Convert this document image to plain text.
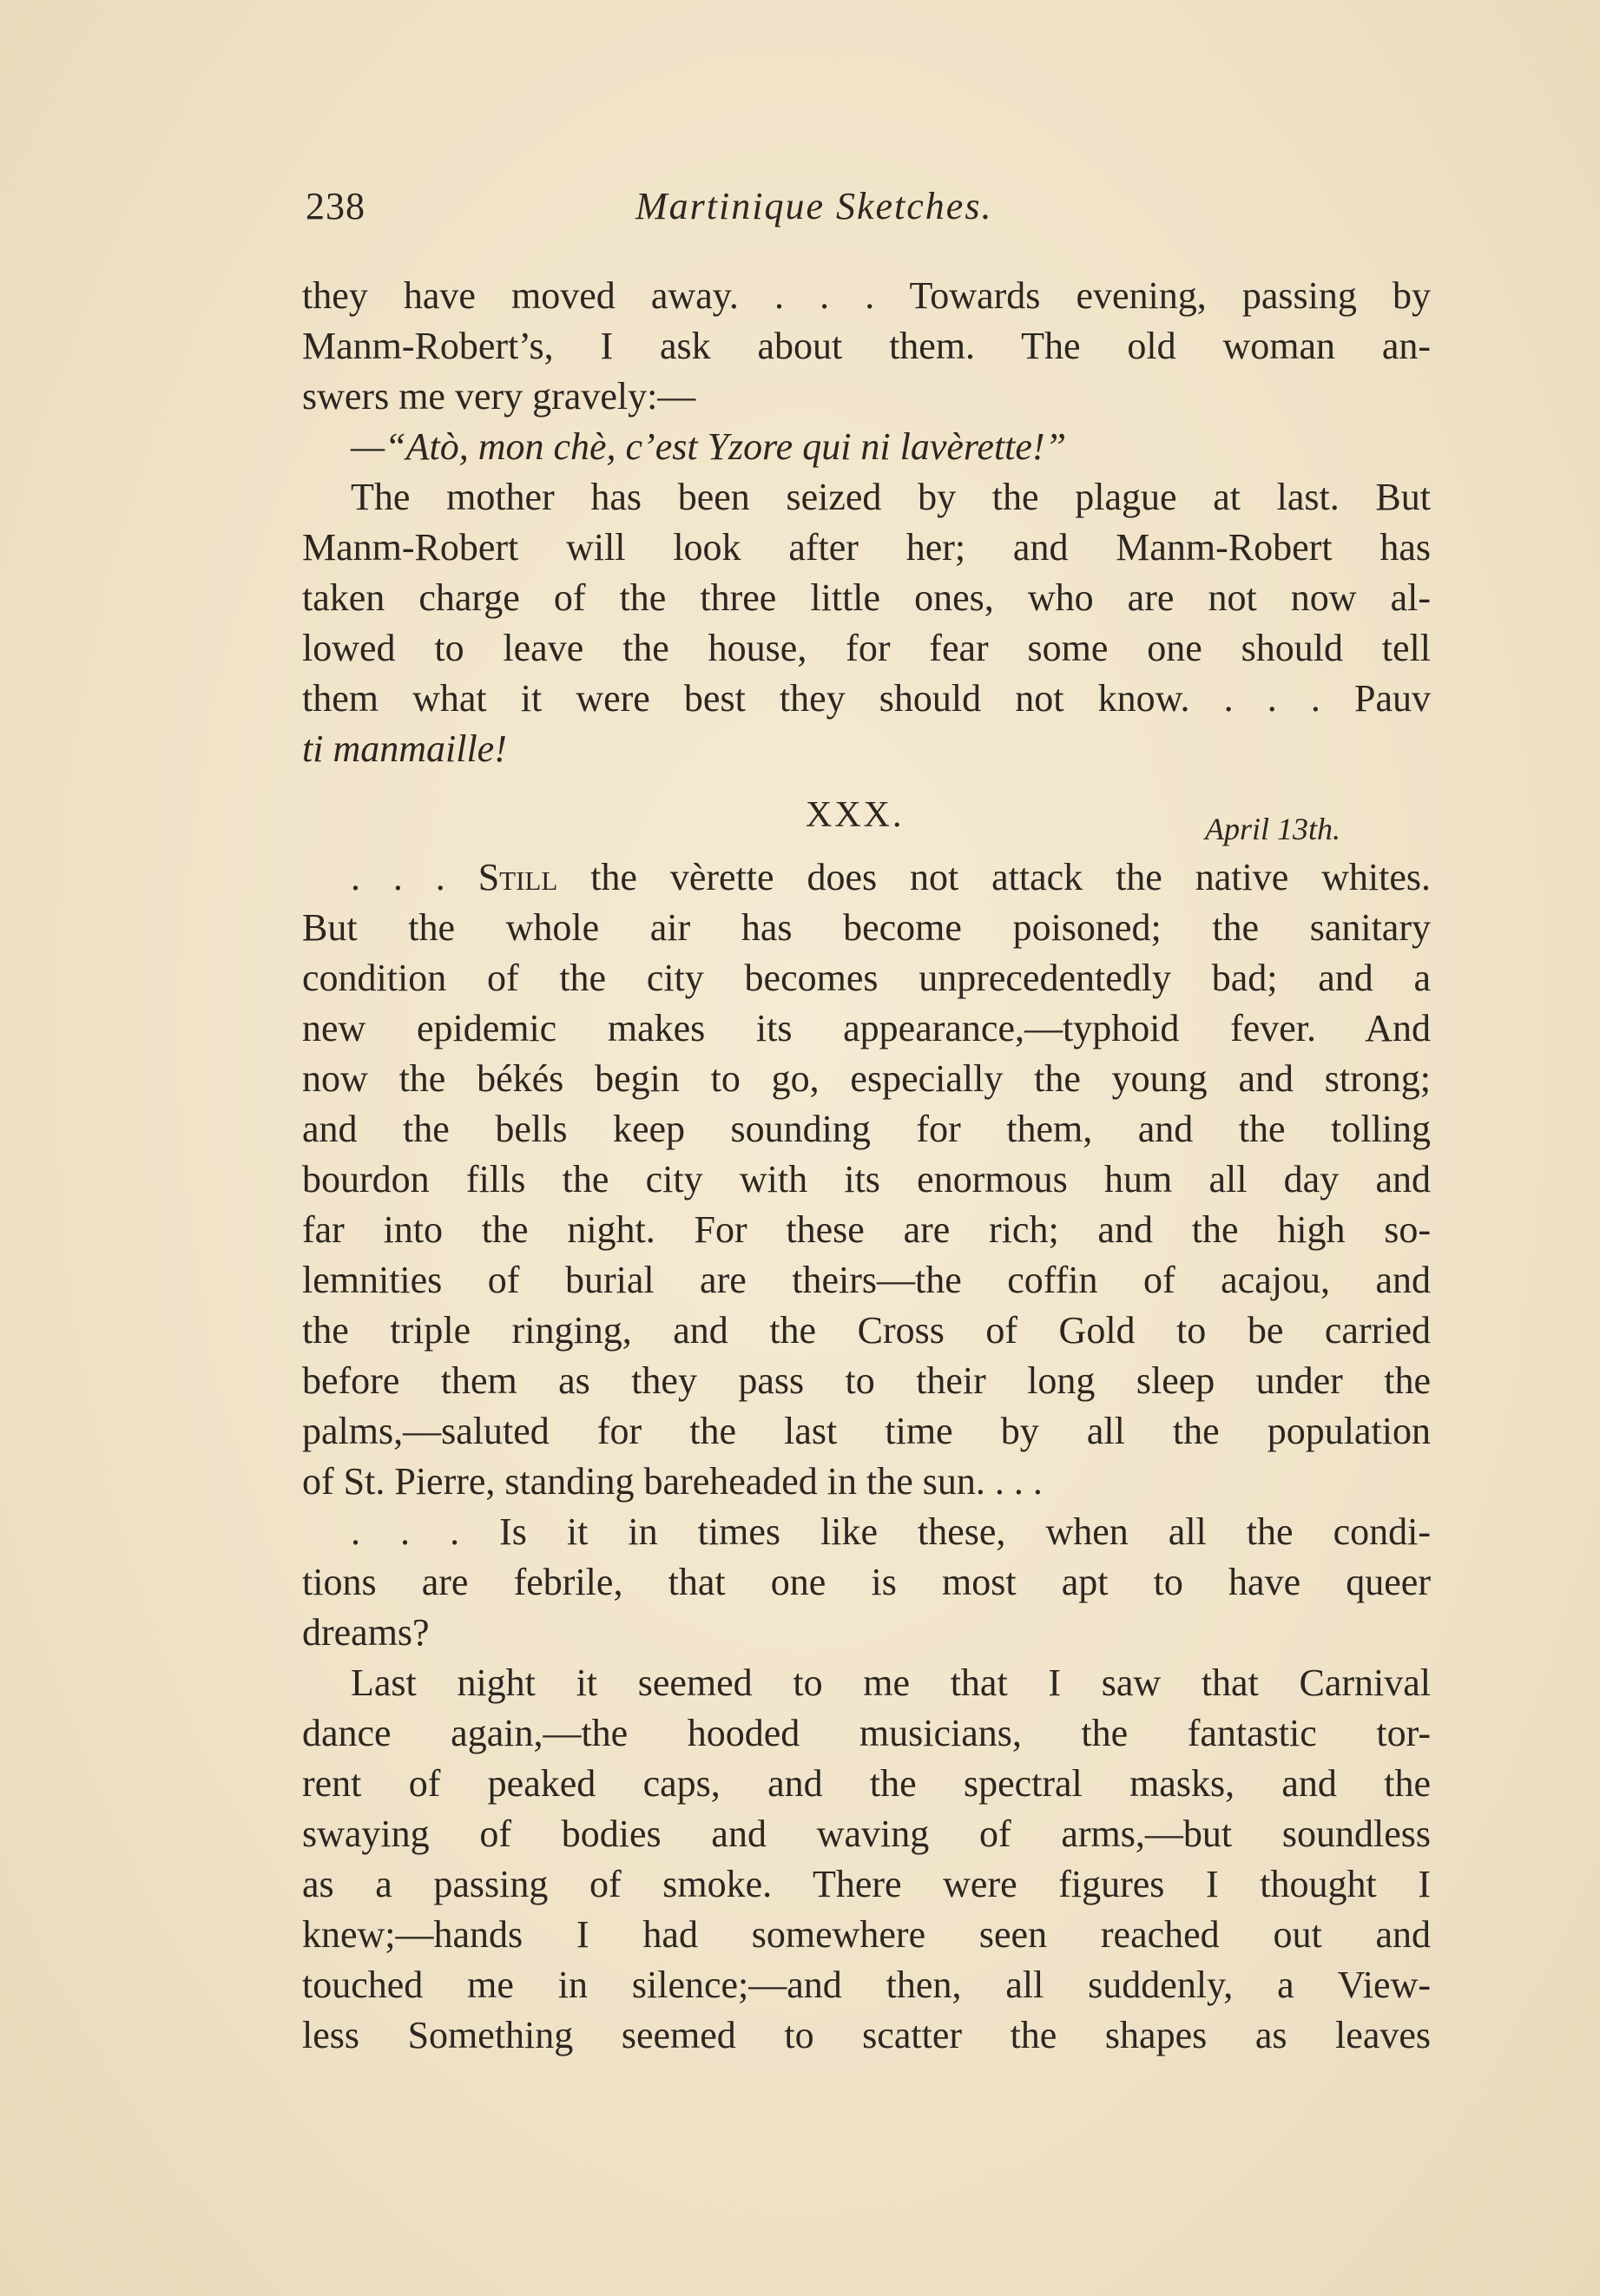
238	Martinique Sketches.
they have moved away. . . . Towards evening, passing by
Manm-Robert’s, I ask about them. The old woman an-
swers me very gravely:—
—“Atò, mon chè, c’est Yzore qui ni lavèrette!”
The mother has been seized by the plague at last. But
Manm-Robert will look after her; and Manm-Robert has
taken charge of the three little ones, who are not now al-
lowed to leave the house, for fear some one should tell
them what it were best they should not know. . . . Pauv
ti manmaille!
XXX.	April 13th.
. . . Still the vèrette does not attack the native whites.
But the whole air has become poisoned; the sanitary
condition of the city becomes unprecedentedly bad; and a
new epidemic makes its appearance,—typhoid fever. And
now the békés begin to go, especially the young and strong;
and the bells keep sounding for them, and the tolling
bourdon fills the city with its enormous hum all day and
far into the night. For these are rich; and the high so-
lemnities of burial are theirs—the coffin of acajou, and
the triple ringing, and the Cross of Gold to be carried
before them as they pass to their long sleep under the
palms,—saluted for the last time by all the population
of St. Pierre, standing bareheaded in the sun. . . .
. . . Is it in times like these, when all the condi-
tions are febrile, that one is most apt to have queer
dreams?
Last night it seemed to me that I saw that Carnival
dance again,—the hooded musicians, the fantastic tor-
rent of peaked caps, and the spectral masks, and the
swaying of bodies and waving of arms,—but soundless
as a passing of smoke. There were figures I thought I
knew;—hands I had somewhere seen reached out and
touched me in silence;—and then, all suddenly, a View-
less Something seemed to scatter the shapes as leaves
